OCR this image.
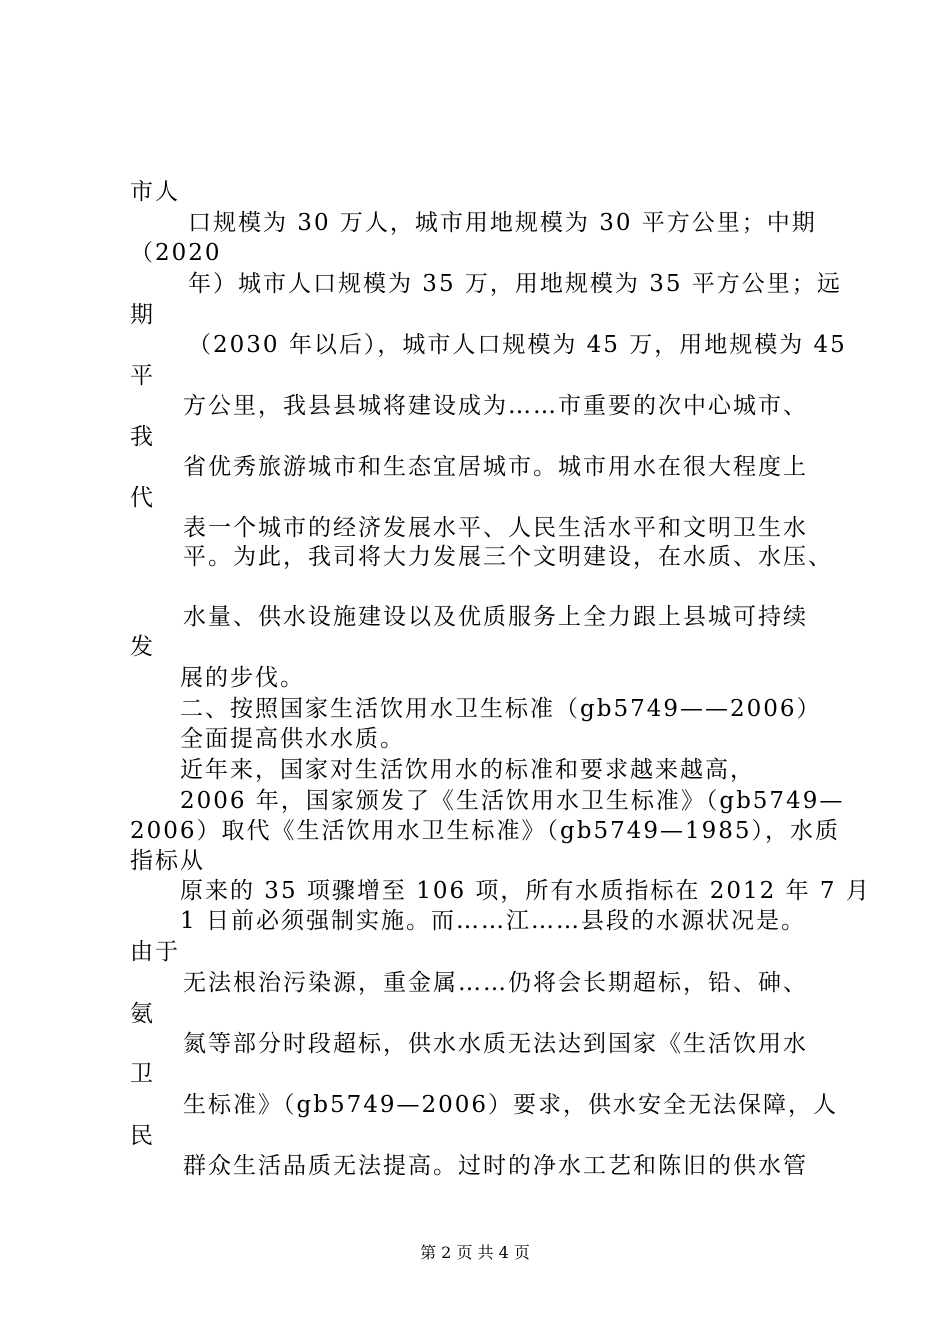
市人
口规模为 30 万人，城市用地规模为 30 平方公里；中期
（2020
年）城市人口规模为 35 万，用地规模为 35 平方公里；远
期
（2030 年以后），城市人口规模为 45 万，用地规模为 45
平
方公里，我县县城将建设成为……市重要的次中心城市、
我
省优秀旅游城市和生态宜居城市。城市用水在很大程度上
代
表一个城市的经济发展水平、人民生活水平和文明卫生水
平。为此，我司将大力发展三个文明建设，在水质、水压、
水量、供水设施建设以及优质服务上全力跟上县城可持续
发
展的步伐。
二、按照国家生活饮用水卫生标准（gb5749——2006）
全面提高供水水质。
近年来，国家对生活饮用水的标准和要求越来越高，
2006 年，国家颁发了《生活饮用水卫生标准》（gb5749—
2006）取代《生活饮用水卫生标准》（gb5749—1985），水质
指标从
原来的 35 项骤增至 106 项，所有水质指标在 2012 年 7 月
1 日前必须强制实施。而……江……县段的水源状况是。
由于
无法根治污染源，重金属……仍将会长期超标，铅、砷、
氨
氮等部分时段超标，供水水质无法达到国家《生活饮用水
卫
生标准》（gb5749—2006）要求，供水安全无法保障，人
民
群众生活品质无法提高。过时的净水工艺和陈旧的供水管
第 2 页 共 4 页
